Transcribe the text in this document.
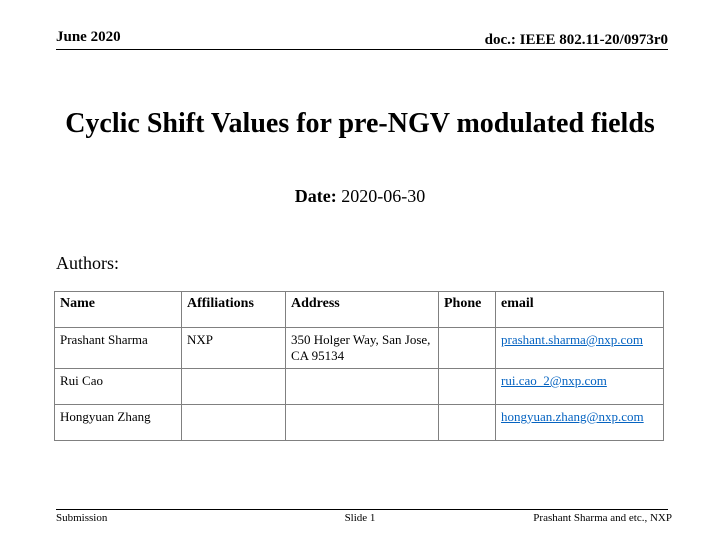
June 2020	doc.: IEEE 802.11-20/0973r0
Cyclic Shift Values for pre-NGV modulated fields
Date: 2020-06-30
Authors:
Name	Affiliations	Address	Phone	email
Prashant Sharma	NXP	350 Holger Way, San Jose, CA 95134		prashant.sharma@nxp.com
Rui Cao				rui.cao_2@nxp.com
Hongyuan Zhang				hongyuan.zhang@nxp.com
Submission	Slide 1	Prashant Sharma and etc., NXP
